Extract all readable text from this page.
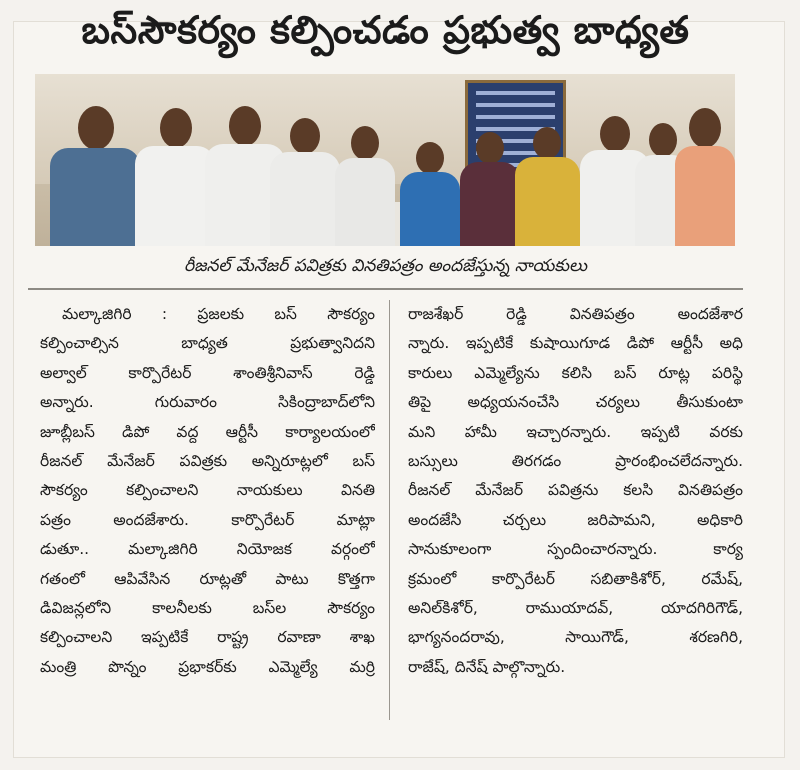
బస్‌సౌకర్యం కల్పించడం ప్రభుత్వ బాధ్యత
రీజనల్‌ మేనేజర్‌ పవిత్రకు వినతిపత్రం అందజేస్తున్న నాయకులు
మల్కాజిగిరి : ప్రజలకు బస్‌ సౌకర్యం
కల్పించాల్సిన బాధ్యత ప్రభుత్వానిదని
అల్వాల్‌ కార్పొరేటర్‌ శాంతిశ్రీనివాస్‌ రెడ్డి
అన్నారు. గురువారం సికింద్రాబాద్‌లోని
జూబ్లీబస్‌ డిపో వద్ద ఆర్టీసీ కార్యాలయంలో
రీజనల్‌ మేనేజర్‌ పవిత్రకు అన్నిరూట్లలో బస్‌
సౌకర్యం కల్పించాలని నాయకులు వినతి
పత్రం అందజేశారు. కార్పొరేటర్‌ మాట్లా
డుతూ.. మల్కాజిగిరి నియోజక వర్గంలో
గతంలో ఆపివేసిన రూట్లతో పాటు కొత్తగా
డివిజన్లలోని కాలనీలకు బస్‌ల సౌకర్యం
కల్పించాలని ఇప్పటికే రాష్ట్ర రవాణా శాఖ
మంత్రి పొన్నం ప్రభాకర్‌కు ఎమ్మెల్యే మర్రి
రాజశేఖర్‌ రెడ్డి వినతిపత్రం అందజేశార
న్నారు. ఇప్పటికే కుషాయిగూడ డిపో ఆర్టీసీ అధి
కారులు ఎమ్మెల్యేను కలిసి బస్‌ రూట్ల పరిస్థి
తిపై అధ్యయనంచేసి చర్యలు తీసుకుంటా
మని హామీ ఇచ్చారన్నారు. ఇప్పటి వరకు
బస్సులు తిరగడం ప్రారంభించలేదన్నారు.
రీజనల్‌ మేనేజర్‌ పవిత్రను కలసి వినతిపత్రం
అందజేసి చర్చలు జరిపామని, అధికారి
సానుకూలంగా స్పందించారన్నారు. కార్య
క్రమంలో కార్పొరేటర్‌ సబితాకిశోర్‌, రమేష్‌,
అనిల్‌కిశోర్‌, రాముయాదవ్‌, యాదగిరిగౌడ్‌,
భాగ్యనందరావు, సాయిగౌడ్‌, శరణగిరి,
రాజేష్‌, దినేష్‌ పాల్గొన్నారు.
